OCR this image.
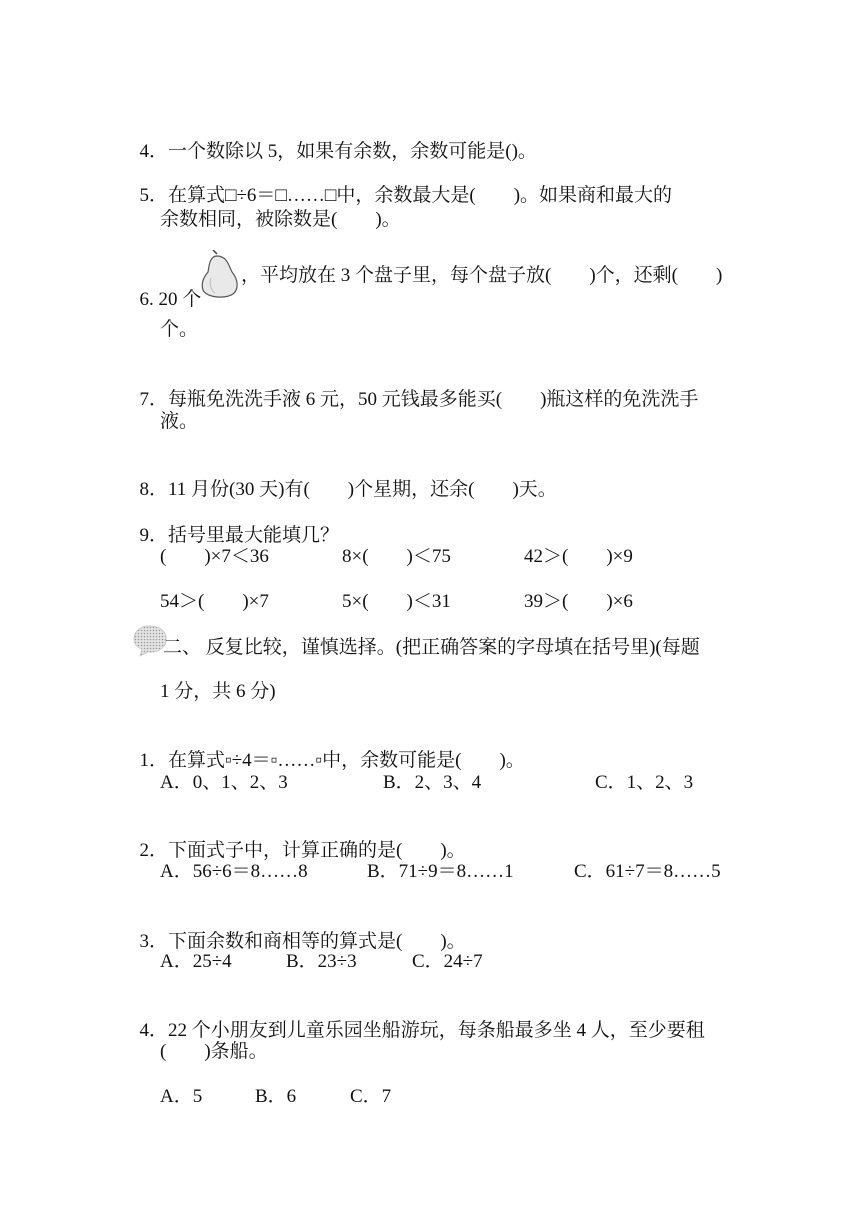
4．一个数除以 5，如果有余数，余数可能是()。

5．在算式□÷6＝□……□中，余数最大是(　　)。如果商和最大的

余数相同，被除数是(　　)。

6. 20 个

，平均放在 3 个盘子里，每个盘子放(　　)个，还剩(　　)
个。

7．每瓶免洗洗手液 6 元，50 元钱最多能买(　　)瓶这样的免洗洗手

液。

8．11 月份(30 天)有(　　)个星期，还余(　　)天。

9．括号里最大能填几？

(　　)×7＜36	8×(　　)＜75	42＞(　　)×9
54＞(　　)×7	5×(　　)＜31	39＞(　　)×6
二、 反复比较，谨慎选择。(把正确答案的字母填在括号里)(每题
1 分，共 6 分)

1．在算式▫÷4＝▫……▫中，余数可能是(　　)。

A．0、1、2、3	B．2、3、4	C．1、2、3

2．下面式子中，计算正确的是(　　)。

A．56÷6＝8……8	B．71÷9＝8……1	C．61÷7＝8……5

3．下面余数和商相等的算式是(　　)。

A．25÷4	B．23÷3	C．24÷7

4．22 个小朋友到儿童乐园坐船游玩，每条船最多坐 4 人，至少要租

(　　)条船。
A．5	B．6	C．7
